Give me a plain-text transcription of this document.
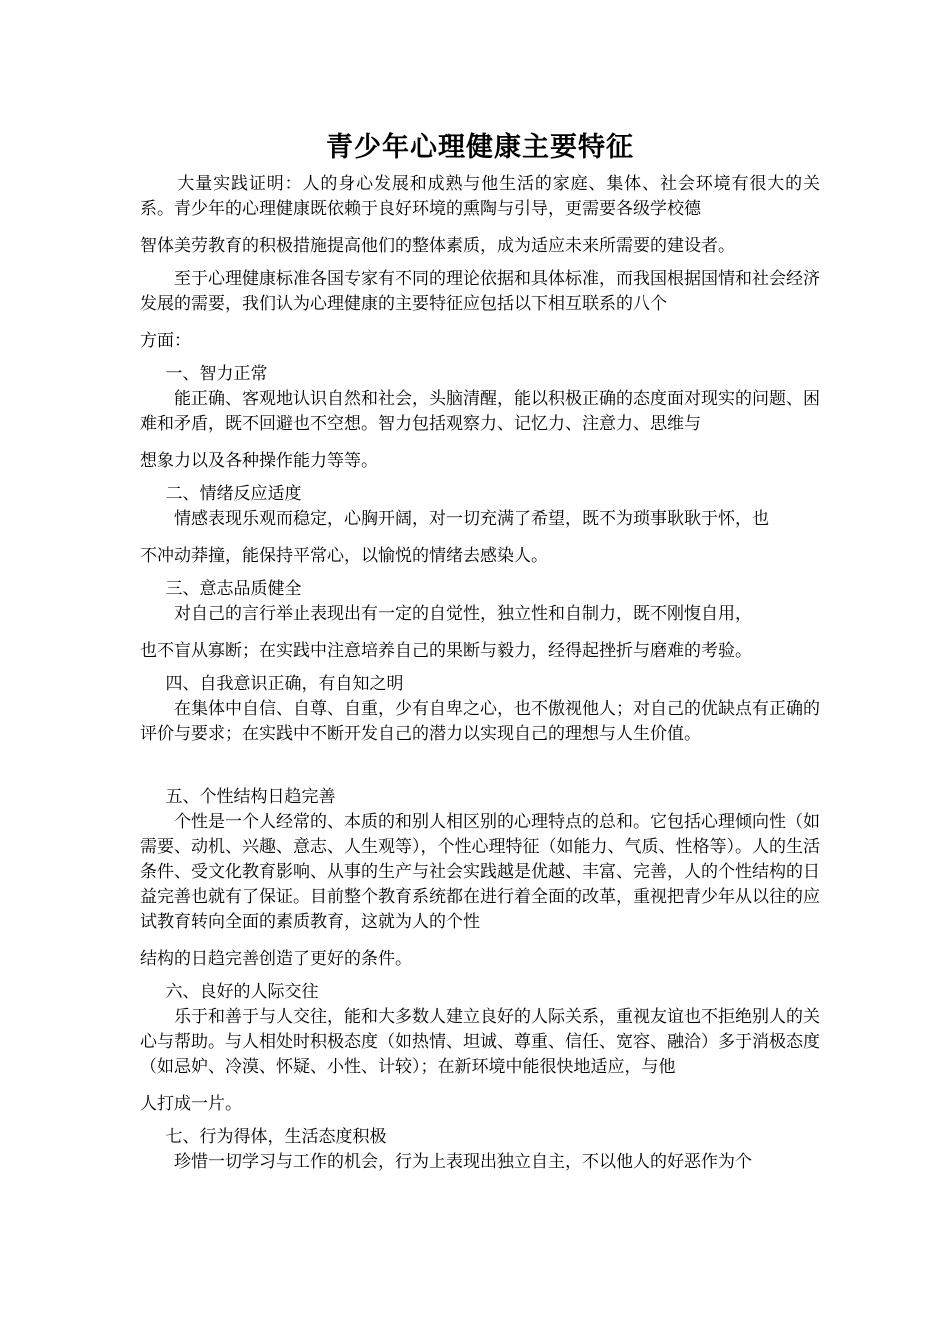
青少年心理健康主要特征

大量实践证明：人的身心发展和成熟与他生活的家庭、集体、社会环境有很大的关系。青少年的心理健康既依赖于良好环境的熏陶与引导，更需要各级学校德
智体美劳教育的积极措施提高他们的整体素质，成为适应未来所需要的建设者。

至于心理健康标准各国专家有不同的理论依据和具体标准，而我国根据国情和社会经济发展的需要，我们认为心理健康的主要特征应包括以下相互联系的八个
方面：

一、智力正常

能正确、客观地认识自然和社会，头脑清醒，能以积极正确的态度面对现实的问题、困难和矛盾，既不回避也不空想。智力包括观察力、记忆力、注意力、思维与
想象力以及各种操作能力等等。

二、情绪反应适度

情感表现乐观而稳定，心胸开阔，对一切充满了希望，既不为琐事耿耿于怀，也
不冲动莽撞，能保持平常心，以愉悦的情绪去感染人。

三、意志品质健全

对自己的言行举止表现出有一定的自觉性，独立性和自制力，既不刚愎自用，
也不盲从寡断；在实践中注意培养自己的果断与毅力，经得起挫折与磨难的考验。

四、自我意识正确，有自知之明

在集体中自信、自尊、自重，少有自卑之心，也不傲视他人；对自己的优缺点有正确的评价与要求；在实践中不断开发自己的潜力以实现自己的理想与人生价值。

五、个性结构日趋完善

个性是一个人经常的、本质的和别人相区别的心理特点的总和。它包括心理倾向性（如需要、动机、兴趣、意志、人生观等），个性心理特征（如能力、气质、性格等）。人的生活条件、受文化教育影响、从事的生产与社会实践越是优越、丰富、完善，人的个性结构的日益完善也就有了保证。目前整个教育系统都在进行着全面的改革，重视把青少年从以往的应试教育转向全面的素质教育，这就为人的个性
结构的日趋完善创造了更好的条件。

六、良好的人际交往

乐于和善于与人交往，能和大多数人建立良好的人际关系，重视友谊也不拒绝别人的关心与帮助。与人相处时积极态度（如热情、坦诚、尊重、信任、宽容、融洽）多于消极态度（如忌妒、冷漠、怀疑、小性、计较）；在新环境中能很快地适应，与他
人打成一片。

七、行为得体，生活态度积极

珍惜一切学习与工作的机会，行为上表现出独立自主，不以他人的好恶作为个
